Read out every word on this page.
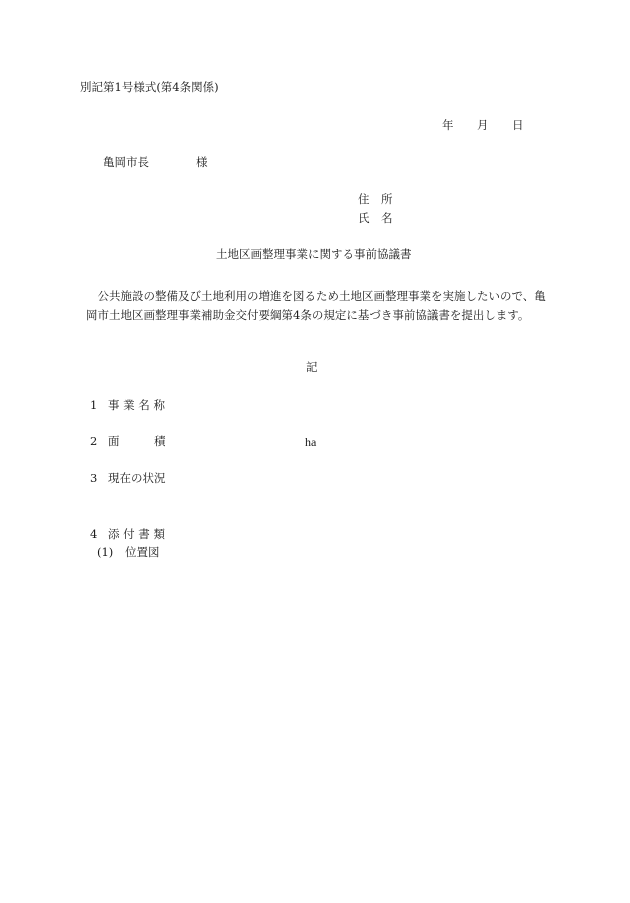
別記第1号様式(第4条関係)
年 月 日
亀岡市長	様
住　所
氏　名
土地区画整理事業に関する事前協議書

公共施設の整備及び土地利用の増進を図るため土地区画整理事業を実施したいので、亀岡市土地区画整理事業補助金交付要綱第4条の規定に基づき事前協議書を提出します。

記
1 事 業 名 称
2 面　　　積	ha
3 現在の状況
4 添 付 書 類
(1) 位置図
